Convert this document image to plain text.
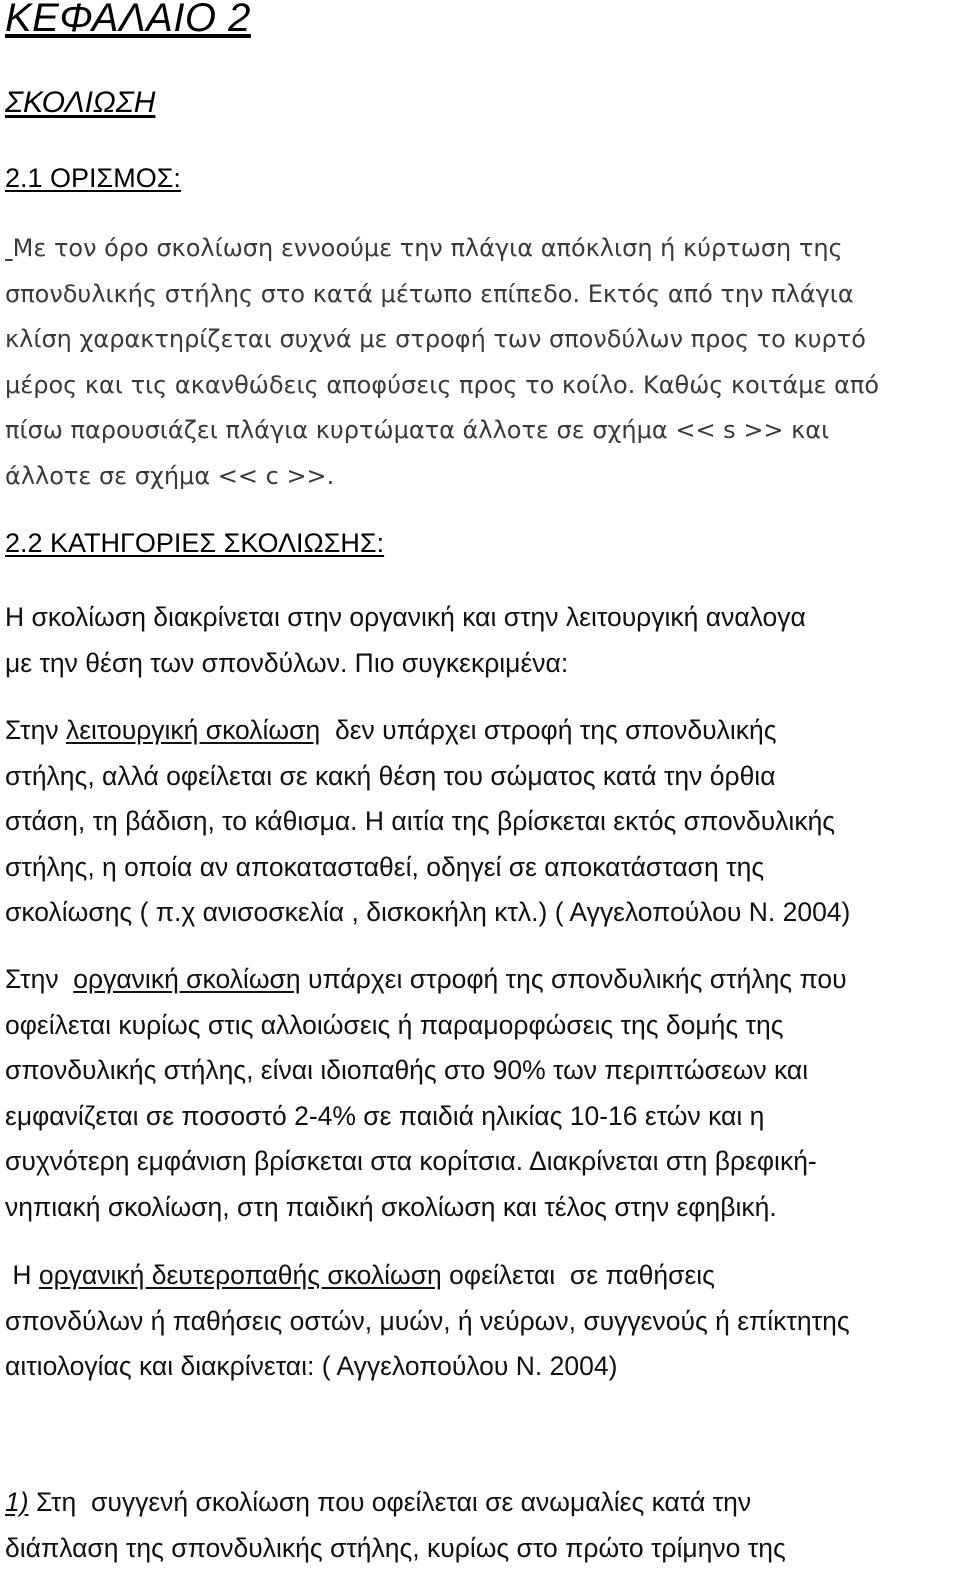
ΚΕΦΑΛΑΙΟ 2
ΣΚΟΛΙΩΣΗ
2.1 ΟΡΙΣΜΟΣ:

Με τον όρο σκολίωση εννοούμε την πλάγια απόκλιση ή κύρτωση της
σπονδυλικής στήλης στο κατά μέτωπο επίπεδο. Εκτός από την πλάγια
κλίση χαρακτηρίζεται συχνά με στροφή των σπονδύλων προς το κυρτό
μέρος και τις ακανθώδεις αποφύσεις προς το κοίλο. Καθώς κοιτάμε από
πίσω παρουσιάζει πλάγια κυρτώματα άλλοτε σε σχήμα << s >> και
άλλοτε σε σχήμα << c >>.

2.2 ΚΑΤΗΓΟΡΙΕΣ ΣΚΟΛΙΩΣΗΣ:

Η σκολίωση διακρίνεται στην οργανική και στην λειτουργική αναλογα
με την θέση των σπονδύλων. Πιο συγκεκριμένα:

Στην λειτουργική σκολίωση  δεν υπάρχει στροφή της σπονδυλικής
στήλης, αλλά οφείλεται σε κακή θέση του σώματος κατά την όρθια
στάση, τη βάδιση, το κάθισμα. Η αιτία της βρίσκεται εκτός σπονδυλικής
στήλης, η οποία αν αποκατασταθεί, οδηγεί σε αποκατάσταση της
σκολίωσης ( π.χ ανισοσκελία , δισκοκήλη κτλ.) ( Αγγελοπούλου Ν. 2004)

Στην  οργανική σκολίωση υπάρχει στροφή της σπονδυλικής στήλης που
οφείλεται κυρίως στις αλλοιώσεις ή παραμορφώσεις της δομής της
σπονδυλικής στήλης, είναι ιδιοπαθής στο 90% των περιπτώσεων και
εμφανίζεται σε ποσοστό 2-4% σε παιδιά ηλικίας 10-16 ετών και η
συχνότερη εμφάνιση βρίσκεται στα κορίτσια. Διακρίνεται στη βρεφική-
νηπιακή σκολίωση, στη παιδική σκολίωση και τέλος στην εφηβική.

Η οργανική δευτεροπαθής σκολίωση οφείλεται  σε παθήσεις
σπονδύλων ή παθήσεις οστών, μυών, ή νεύρων, συγγενούς ή επίκτητης
αιτιολογίας και διακρίνεται: ( Αγγελοπούλου Ν. 2004)

1) Στη  συγγενή σκολίωση που οφείλεται σε ανωμαλίες κατά την
διάπλαση της σπονδυλικής στήλης, κυρίως στο πρώτο τρίμηνο της
